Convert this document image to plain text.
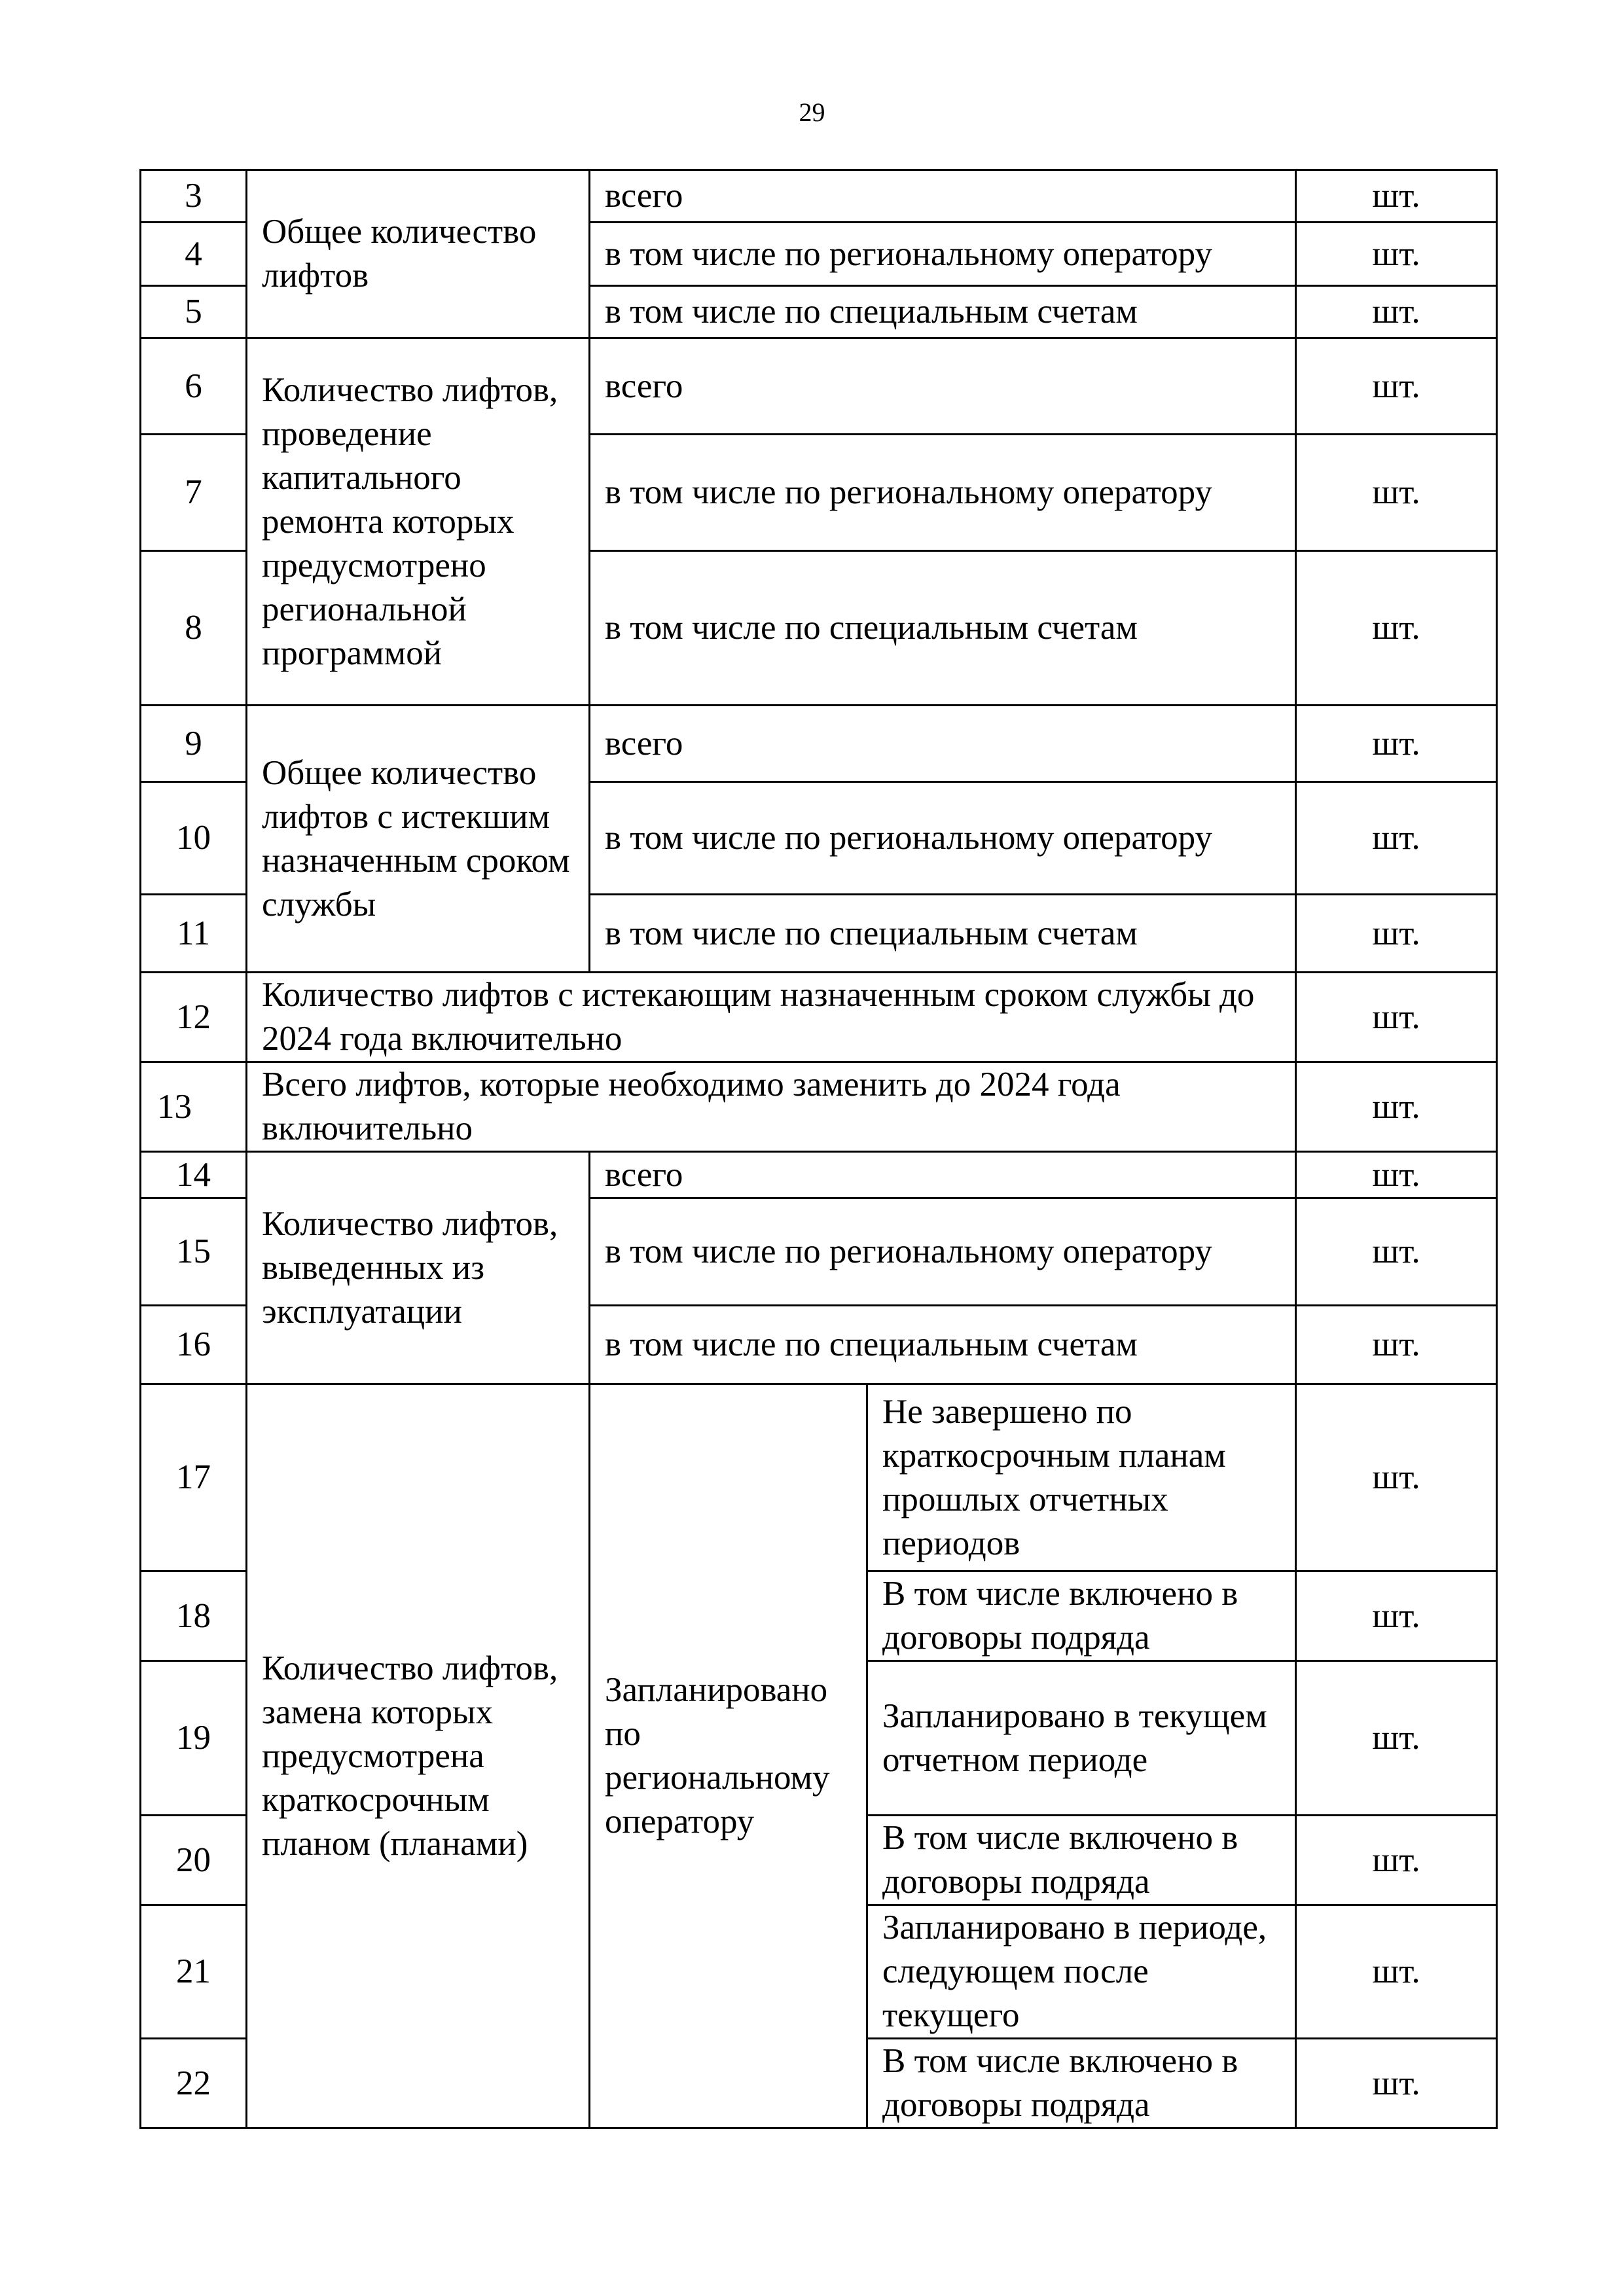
29
3	Общее количество лифтов	всего		шт.
4		в том числе по региональному оператору		шт.
5		в том числе по специальным счетам		шт.
6	Количество лифтов, проведение капитального ремонта которых предусмотрено региональной программой	всего		шт.
7		в том числе по региональному оператору		шт.
8		в том числе по специальным счетам		шт.
9	Общее количество лифтов с истекшим назначенным сроком службы	всего		шт.
10		в том числе по региональному оператору		шт.
11		в том числе по специальным счетам		шт.
12	Количество лифтов с истекающим назначенным сроком службы до 2024 года включительно			шт.
13	Всего лифтов, которые необходимо заменить до 2024 года включительно			шт.
14	Количество лифтов, выведенных из эксплуатации	всего		шт.
15		в том числе по региональному оператору		шт.
16		в том числе по специальным счетам		шт.
17	Количество лифтов, замена которых предусмотрена краткосрочным планом (планами)	Запланировано по региональному оператору	Не завершено по краткосрочным планам прошлых отчетных периодов	шт.
18			В том числе включено в договоры подряда	шт.
19			Запланировано в текущем отчетном периоде	шт.
20			В том числе включено в договоры подряда	шт.
21			Запланировано в периоде, следующем после текущего	шт.
22			В том числе включено в договоры подряда	шт.
